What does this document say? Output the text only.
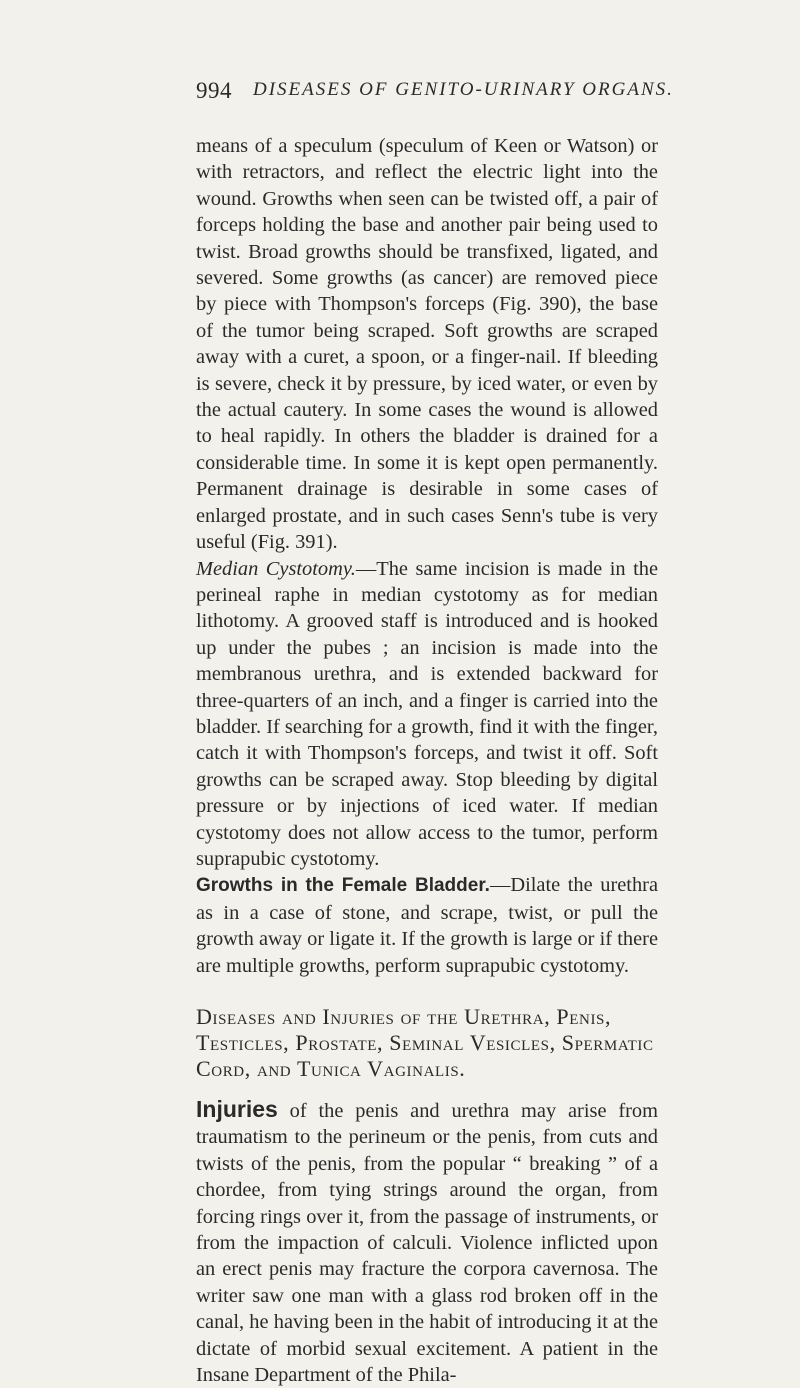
994 DISEASES OF GENITO-URINARY ORGANS.

means of a speculum (speculum of Keen or Watson) or with retractors, and reflect the electric light into the wound. Growths when seen can be twisted off, a pair of forceps holding the base and another pair being used to twist. Broad growths should be transfixed, ligated, and severed. Some growths (as cancer) are removed piece by piece with Thompson's forceps (Fig. 390), the base of the tumor being scraped. Soft growths are scraped away with a curet, a spoon, or a finger-nail. If bleeding is severe, check it by pressure, by iced water, or even by the actual cautery. In some cases the wound is allowed to heal rapidly. In others the bladder is drained for a considerable time. In some it is kept open permanently. Permanent drainage is desirable in some cases of enlarged prostate, and in such cases Senn's tube is very useful (Fig. 391).

Median Cystotomy.—The same incision is made in the perineal raphe in median cystotomy as for median lithotomy. A grooved staff is introduced and is hooked up under the pubes ; an incision is made into the membranous urethra, and is extended backward for three-quarters of an inch, and a finger is carried into the bladder. If searching for a growth, find it with the finger, catch it with Thompson's forceps, and twist it off. Soft growths can be scraped away. Stop bleeding by digital pressure or by injections of iced water. If median cystotomy does not allow access to the tumor, perform suprapubic cystotomy.

Growths in the Female Bladder.—Dilate the urethra as in a case of stone, and scrape, twist, or pull the growth away or ligate it. If the growth is large or if there are multiple growths, perform suprapubic cystotomy.

Diseases and Injuries of the Urethra, Penis, Testicles, Prostate, Seminal Vesicles, Spermatic Cord, and Tunica Vaginalis.

Injuries of the penis and urethra may arise from traumatism to the perineum or the penis, from cuts and twists of the penis, from the popular “ breaking ” of a chordee, from tying strings around the organ, from forcing rings over it, from the passage of instruments, or from the impaction of calculi. Violence inflicted upon an erect penis may fracture the corpora cavernosa. The writer saw one man with a glass rod broken off in the canal, he having been in the habit of introducing it at the dictate of morbid sexual excitement. A patient in the Insane Department of the Phila-
